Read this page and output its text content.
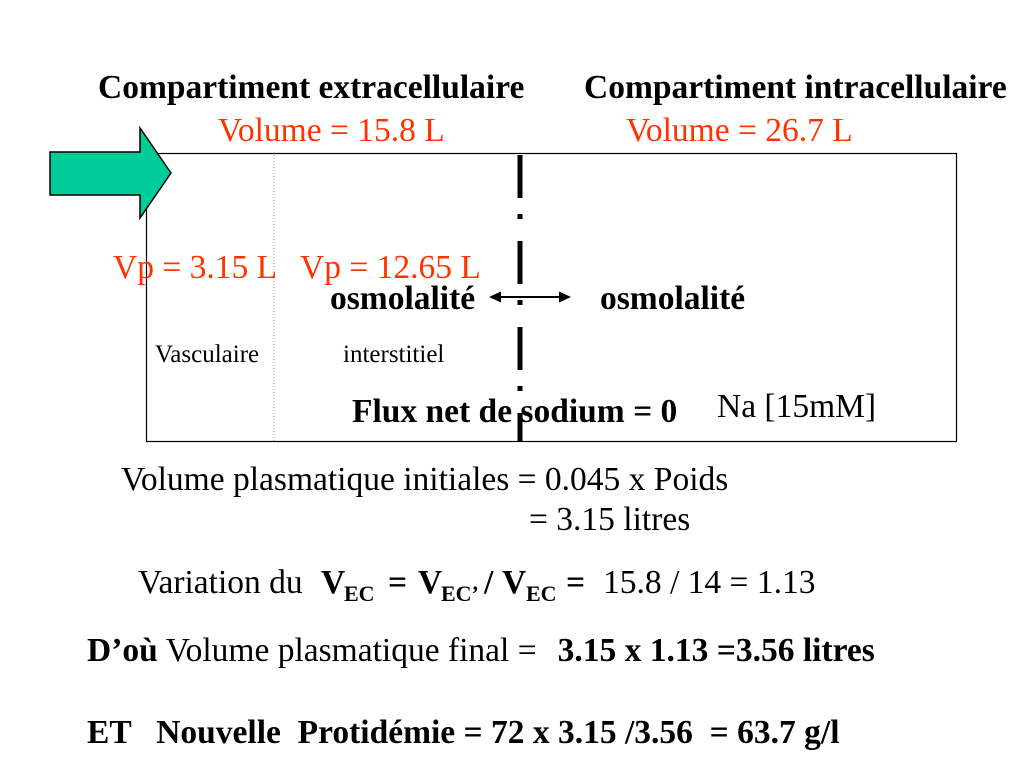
Compartiment extracellulaire Compartiment intracellulaire
Volume = 15.8 L	Volume = 26.7 L
Vp = 3.15 L Vp = 12.65 L
osmolalité	osmolalité
Vasculaire	interstitiel
Flux net de sodium = 0 Na [15mM]
Volume plasmatique initiales = 0.045 x Poids
= 3.15 litres
Variation du V
EC = V
EC’ / V EC = 15.8 / 14 = 1.13
D’où Volume plasmatique final = 3.15 x 1.13 =3.56 litres
ET   Nouvelle  Protidémie = 72 x 3.15 /3.56  = 63.7 g/l
